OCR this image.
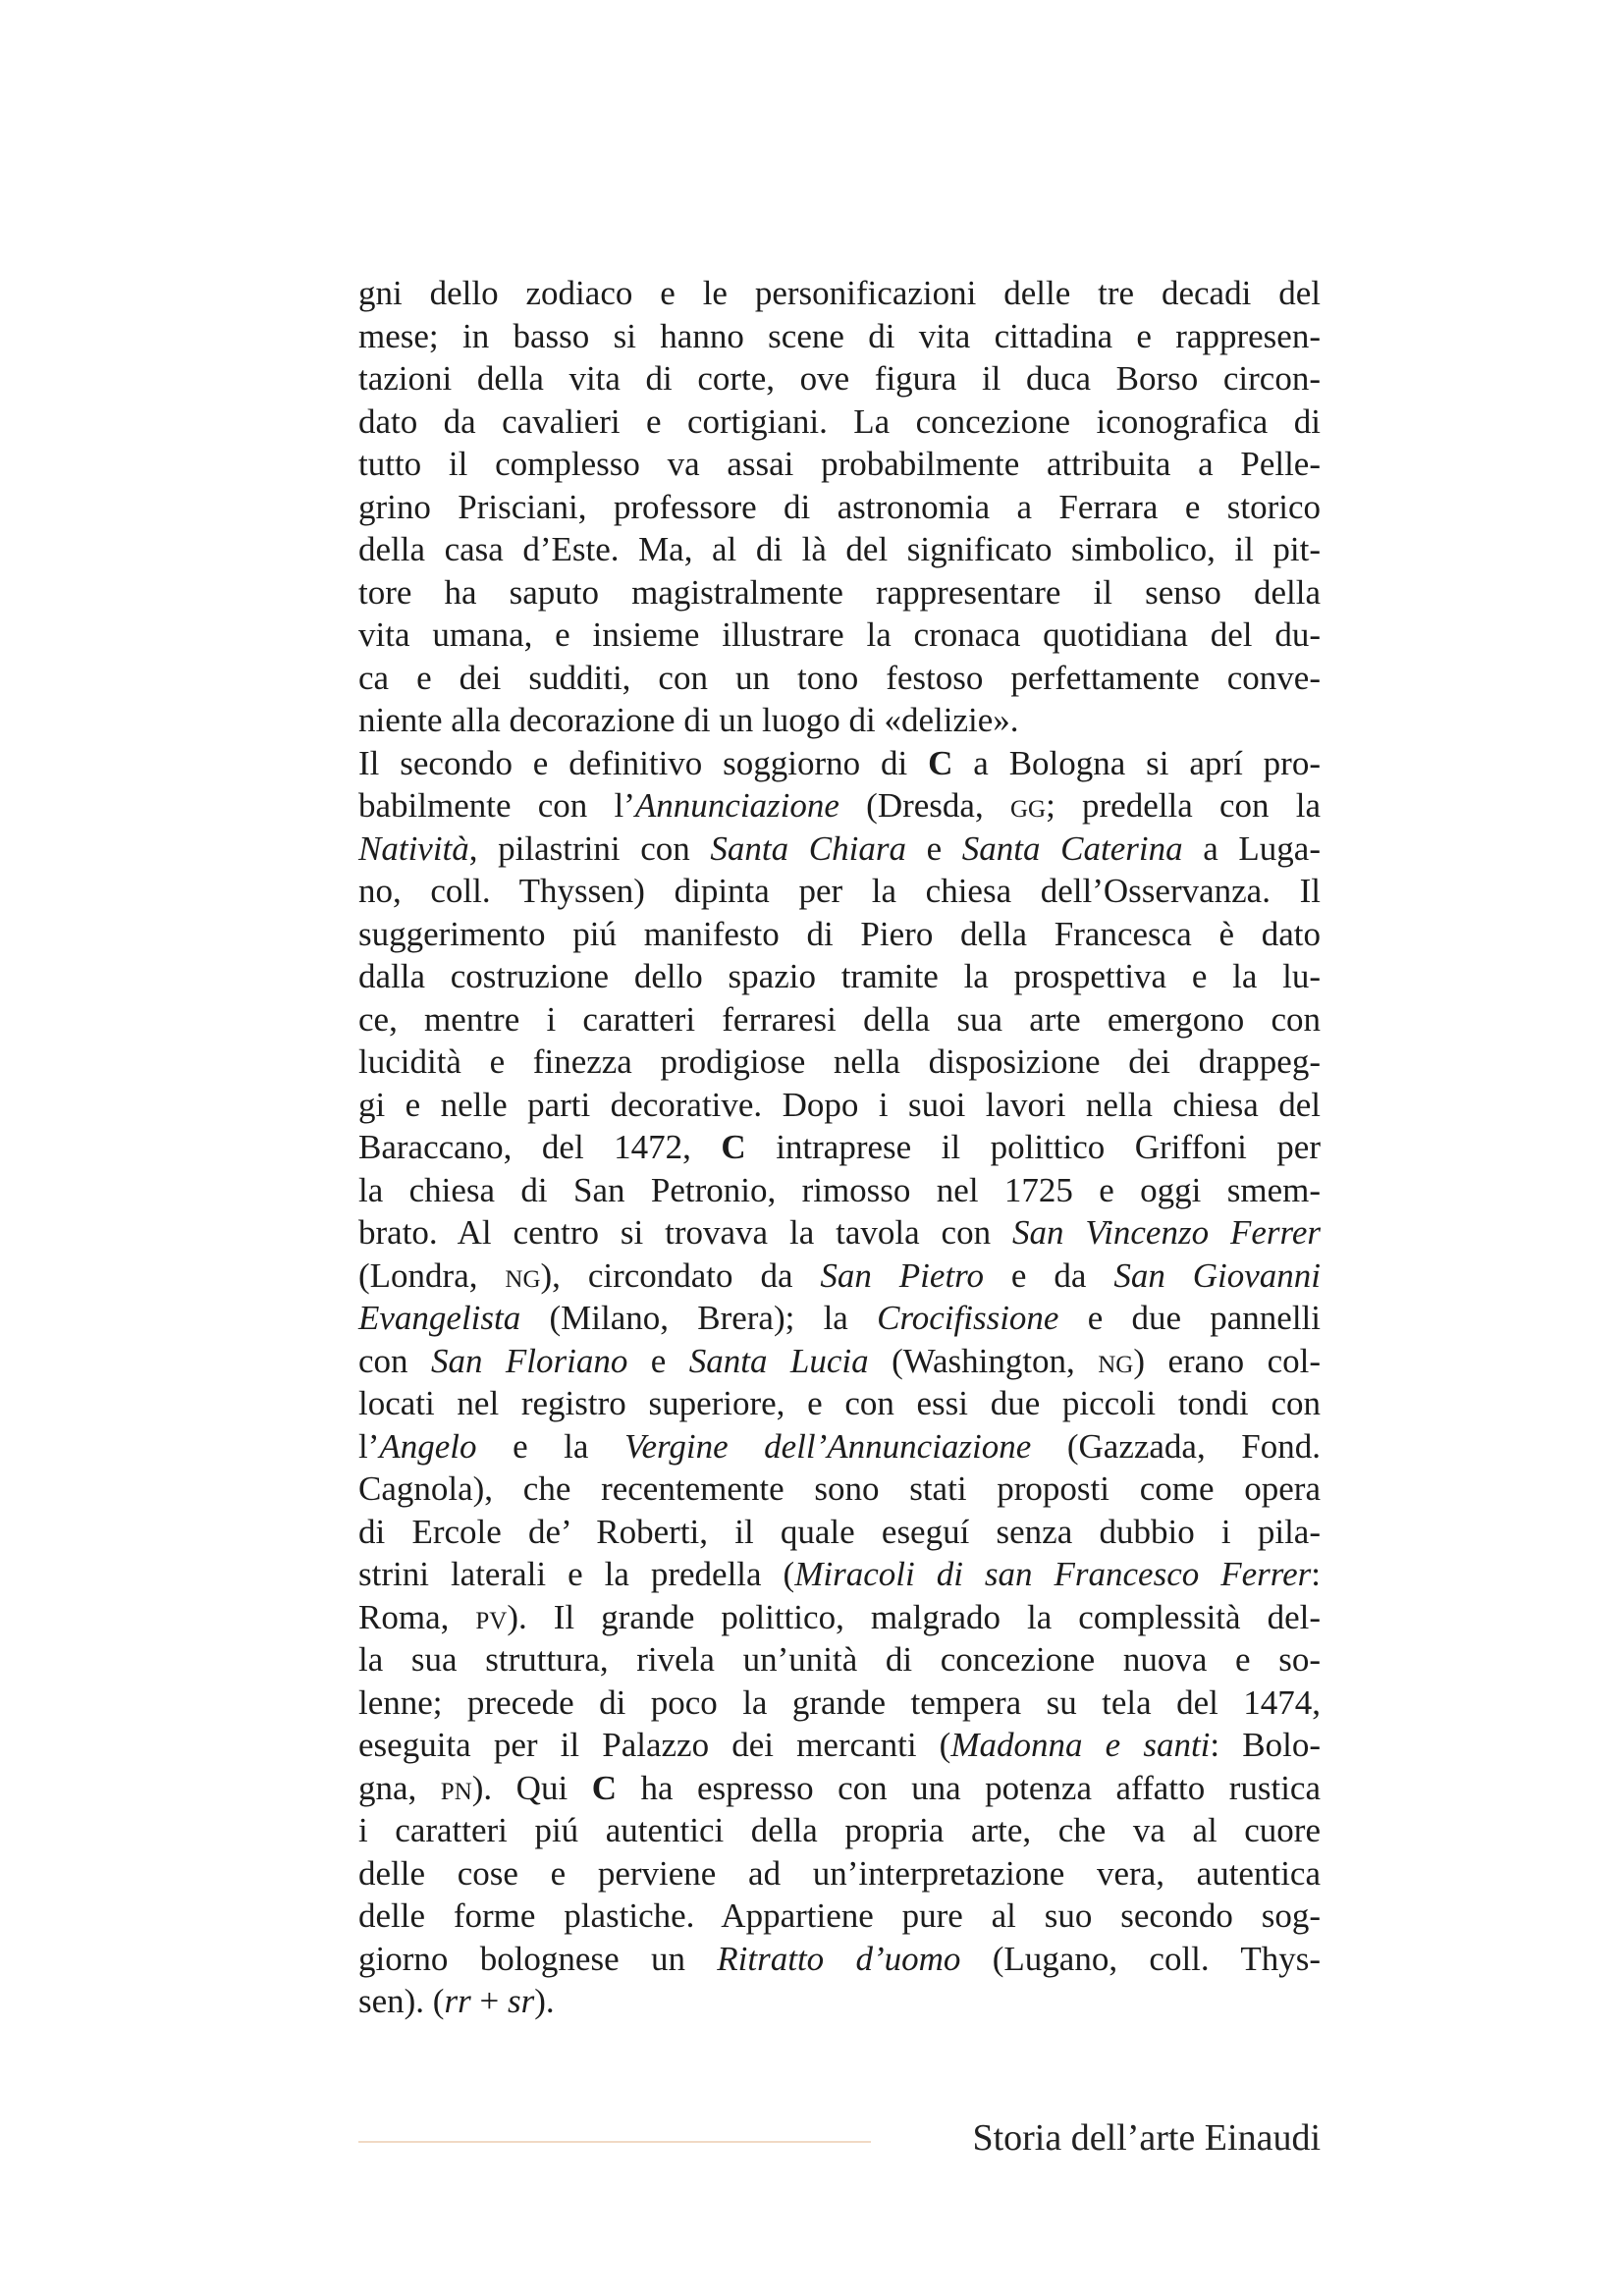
gni dello zodiaco e le personificazioni delle tre decadi del
mese; in basso si hanno scene di vita cittadina e rappresen-
tazioni della vita di corte, ove figura il duca Borso circon-
dato da cavalieri e cortigiani. La concezione iconografica di
tutto il complesso va assai probabilmente attribuita a Pelle-
grino Prisciani, professore di astronomia a Ferrara e storico
della casa d’Este. Ma, al di là del significato simbolico, il pit-
tore ha saputo magistralmente rappresentare il senso della
vita umana, e insieme illustrare la cronaca quotidiana del du-
ca e dei sudditi, con un tono festoso perfettamente conve-
niente alla decorazione di un luogo di «delizie».
Il secondo e definitivo soggiorno di C a Bologna si aprí pro-
babilmente con l’Annunciazione (Dresda, gg; predella con la
Natività, pilastrini con Santa Chiara e Santa Caterina a Luga-
no, coll. Thyssen) dipinta per la chiesa dell’Osservanza. Il
suggerimento piú manifesto di Piero della Francesca è dato
dalla costruzione dello spazio tramite la prospettiva e la lu-
ce, mentre i caratteri ferraresi della sua arte emergono con
lucidità e finezza prodigiose nella disposizione dei drappeg-
gi e nelle parti decorative. Dopo i suoi lavori nella chiesa del
Baraccano, del 1472, C intraprese il polittico Griffoni per
la chiesa di San Petronio, rimosso nel 1725 e oggi smem-
brato. Al centro si trovava la tavola con San Vincenzo Ferrer
(Londra, ng), circondato da San Pietro e da San Giovanni
Evangelista (Milano, Brera); la Crocifissione e due pannelli
con San Floriano e Santa Lucia (Washington, ng) erano col-
locati nel registro superiore, e con essi due piccoli tondi con
l’Angelo e la Vergine dell’Annunciazione (Gazzada, Fond.
Cagnola), che recentemente sono stati proposti come opera
di Ercole de’ Roberti, il quale eseguí senza dubbio i pila-
strini laterali e la predella (Miracoli di san Francesco Ferrer:
Roma, pv). Il grande polittico, malgrado la complessità del-
la sua struttura, rivela un’unità di concezione nuova e so-
lenne; precede di poco la grande tempera su tela del 1474,
eseguita per il Palazzo dei mercanti (Madonna e santi: Bolo-
gna, pn). Qui C ha espresso con una potenza affatto rustica
i caratteri piú autentici della propria arte, che va al cuore
delle cose e perviene ad un’interpretazione vera, autentica
delle forme plastiche. Appartiene pure al suo secondo sog-
giorno bolognese un Ritratto d’uomo (Lugano, coll. Thys-
sen). (rr + sr).
Storia dell’arte Einaudi
